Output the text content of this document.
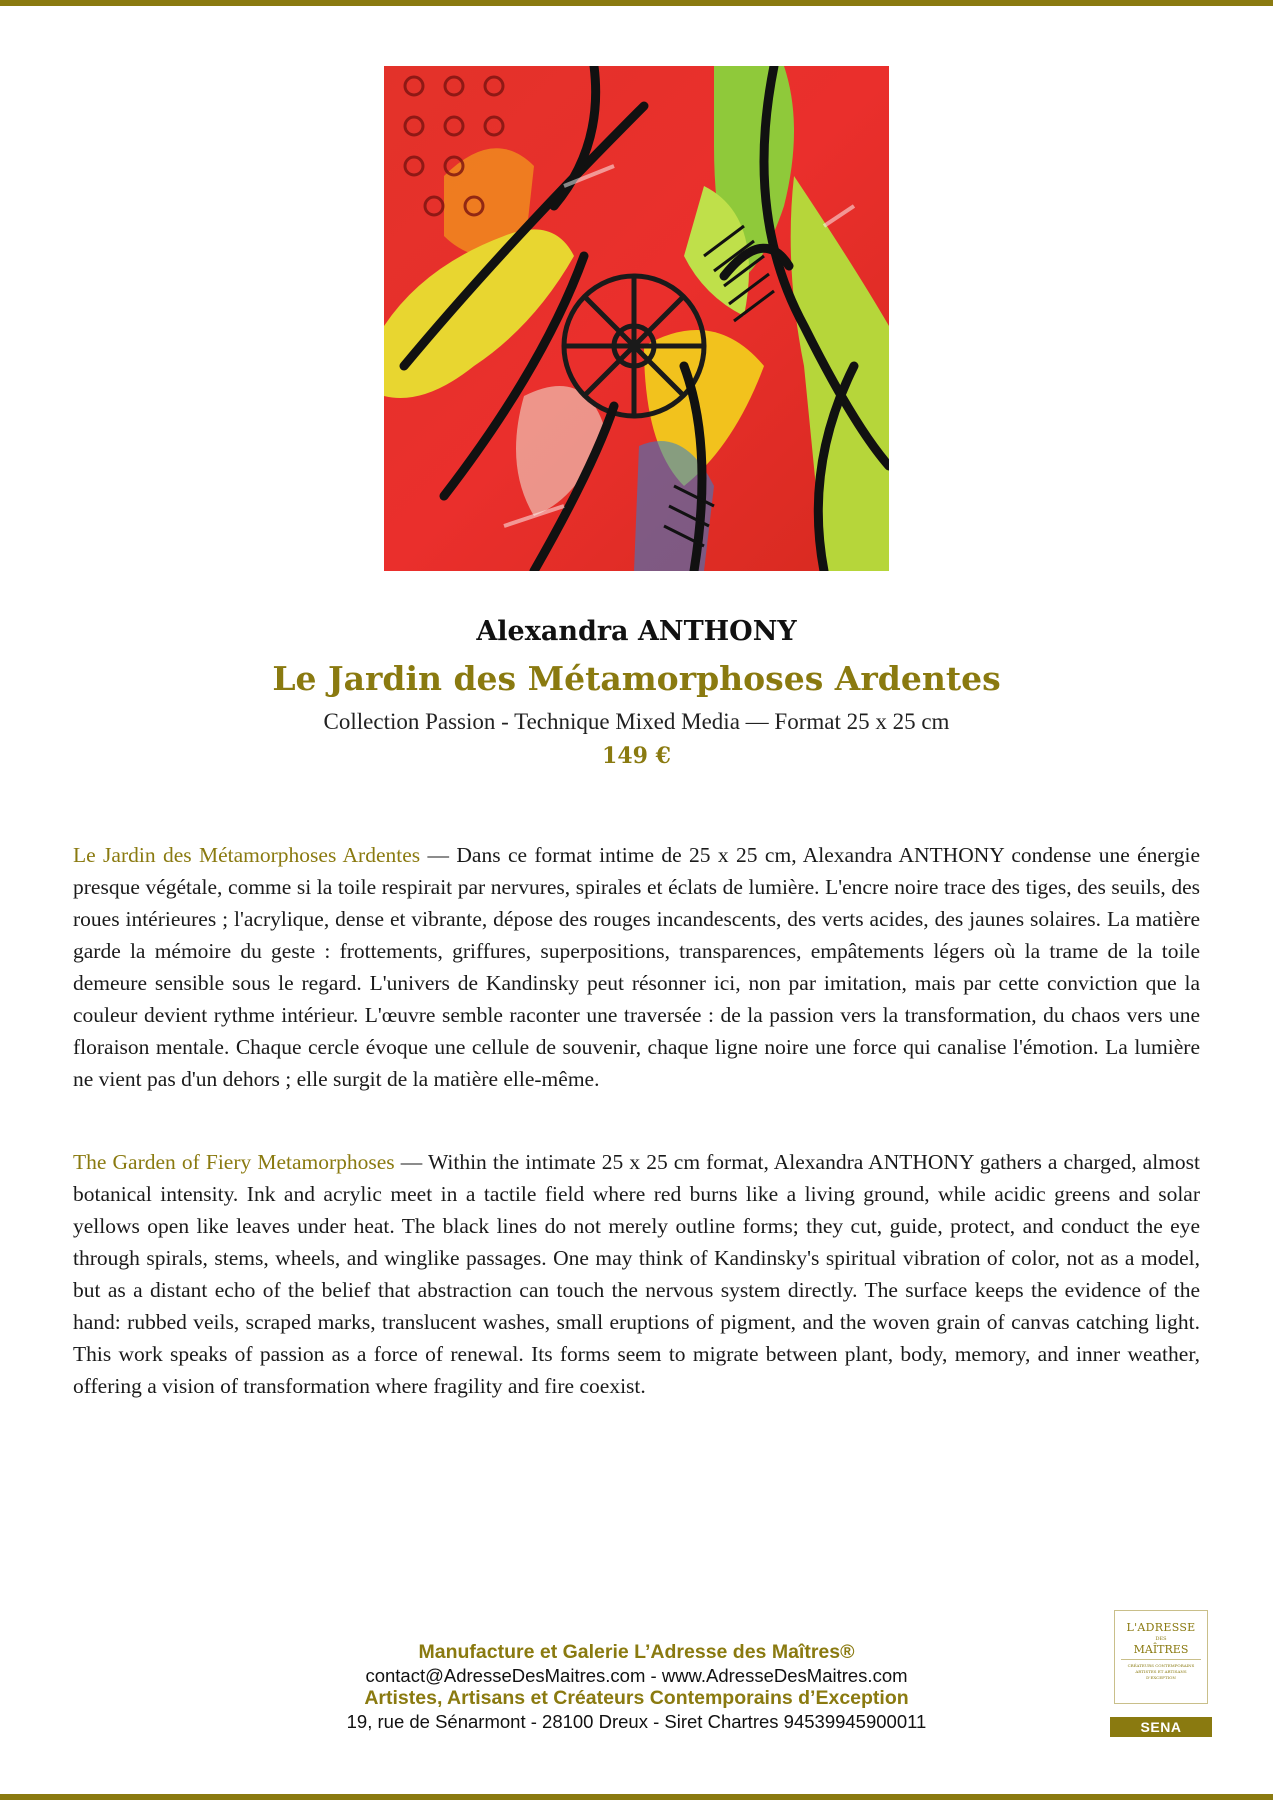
Alexandra ANTHONY

Le Jardin des Métamorphoses Ardentes

Collection Passion - Technique Mixed Media — Format 25 x 25 cm

149 €

Le Jardin des Métamorphoses Ardentes — Dans ce format intime de 25 x 25 cm, Alexandra ANTHONY condense une énergie presque végétale, comme si la toile respirait par nervures, spirales et éclats de lumière. L'encre noire trace des tiges, des seuils, des roues intérieures ; l'acrylique, dense et vibrante, dépose des rouges incandescents, des verts acides, des jaunes solaires. La matière garde la mémoire du geste : frottements, griffures, superpositions, transparences, empâtements légers où la trame de la toile demeure sensible sous le regard. L'univers de Kandinsky peut résonner ici, non par imitation, mais par cette conviction que la couleur devient rythme intérieur. L'œuvre semble raconter une traversée : de la passion vers la transformation, du chaos vers une floraison mentale. Chaque cercle évoque une cellule de souvenir, chaque ligne noire une force qui canalise l'émotion. La lumière ne vient pas d'un dehors ; elle surgit de la matière elle-même.

The Garden of Fiery Metamorphoses — Within the intimate 25 x 25 cm format, Alexandra ANTHONY gathers a charged, almost botanical intensity. Ink and acrylic meet in a tactile field where red burns like a living ground, while acidic greens and solar yellows open like leaves under heat. The black lines do not merely outline forms; they cut, guide, protect, and conduct the eye through spirals, stems, wheels, and winglike passages. One may think of Kandinsky's spiritual vibration of color, not as a model, but as a distant echo of the belief that abstraction can touch the nervous system directly. The surface keeps the evidence of the hand: rubbed veils, scraped marks, translucent washes, small eruptions of pigment, and the woven grain of canvas catching light. This work speaks of passion as a force of renewal. Its forms seem to migrate between plant, body, memory, and inner weather, offering a vision of transformation where fragility and fire coexist.

Manufacture et Galerie L’Adresse des Maîtres®
contact@AdresseDesMaitres.com - www.AdresseDesMaitres.com
Artistes, Artisans et Créateurs Contemporains d’Exception
19, rue de Sénarmont - 28100 Dreux - Siret Chartres 94539945900011
L'ADRESSE
DES
MAÎTRES
CRÉATEURS CONTEMPORAINS ARTISTES ET ARTISANS D'EXCEPTION
SENA
